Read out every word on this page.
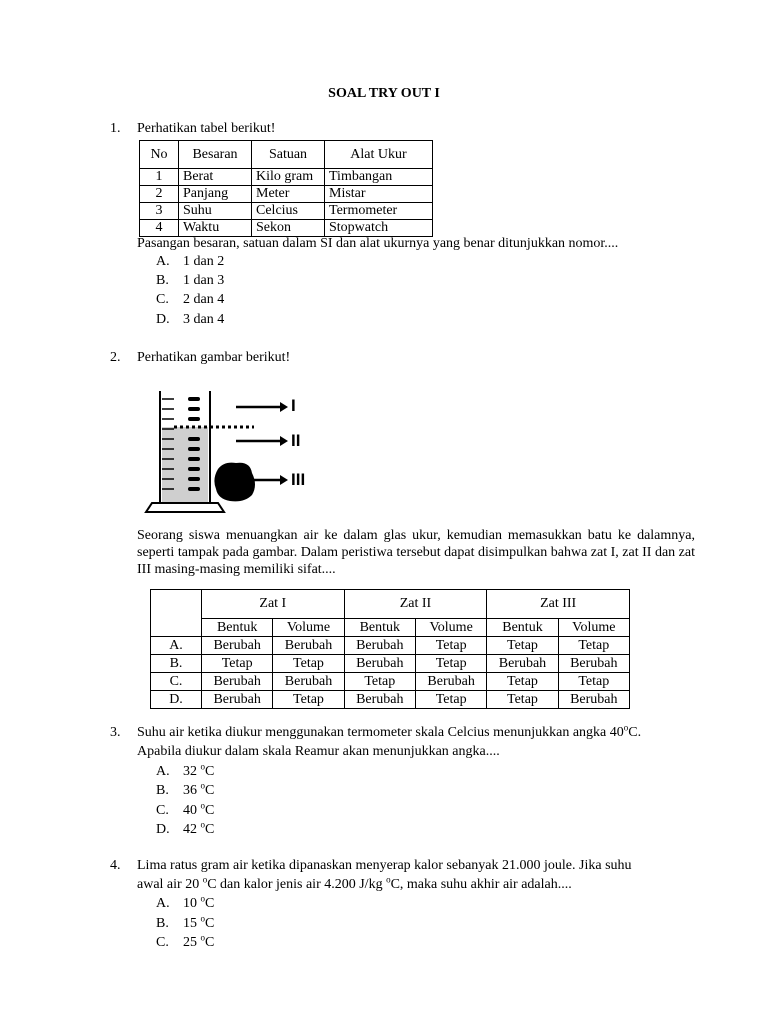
SOAL TRY OUT I
1. Perhatikan tabel berikut!
No	Besaran	Satuan	Alat Ukur
1	Berat	Kilo gram	Timbangan
2	Panjang	Meter	Mistar
3	Suhu	Celcius	Termometer
4	Waktu	Sekon	Stopwatch
Pasangan besaran, satuan dalam SI dan alat ukurnya yang benar ditunjukkan nomor....
A. 1 dan 2
B. 1 dan 3
C. 2 dan 4
D. 3 dan 4
2. Perhatikan gambar berikut!
I
II
III
Seorang siswa menuangkan air ke dalam glas ukur, kemudian memasukkan batu ke dalamnya, seperti tampak pada gambar. Dalam peristiwa tersebut dapat disimpulkan bahwa zat I, zat II dan zat III masing-masing memiliki sifat....
	Zat I		Zat II		Zat III	
	Bentuk	Volume	Bentuk	Volume	Bentuk	Volume
A.	Berubah	Berubah	Berubah	Tetap	Tetap	Tetap
B.	Tetap	Tetap	Berubah	Tetap	Berubah	Berubah
C.	Berubah	Berubah	Tetap	Berubah	Tetap	Tetap
D.	Berubah	Tetap	Berubah	Tetap	Tetap	Berubah
3. Suhu air ketika diukur menggunakan termometer skala Celcius menunjukkan angka 40$^o$C.
Apabila diukur dalam skala Reamur akan menunjukkan angka....
A. 32 $^o$C
B. 36 $^o$C
C. 40 $^o$C
D. 42 $^o$C
4. Lima ratus gram air ketika dipanaskan menyerap kalor sebanyak 21.000 joule. Jika suhu
awal air 20 $^o$C dan kalor jenis air 4.200 J/kg $^o$C, maka suhu akhir air adalah....
A. 10 $^o$C
B. 15 $^o$C
C. 25 $^o$C
